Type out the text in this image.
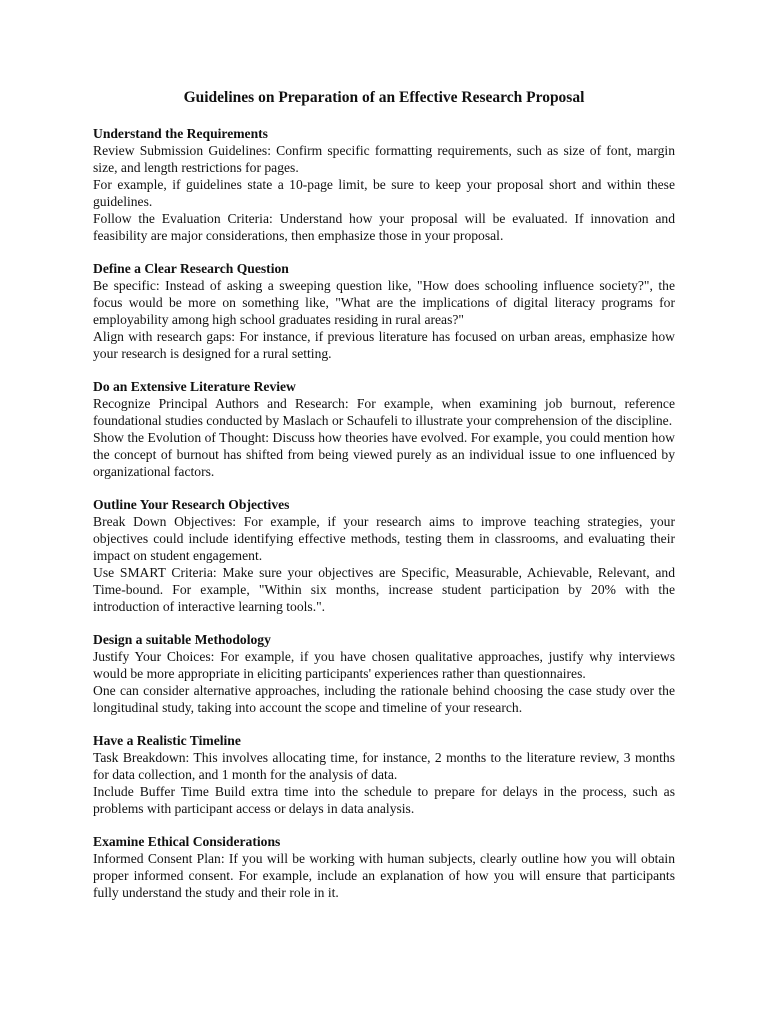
Guidelines on Preparation of an Effective Research Proposal
Understand the Requirements

Review Submission Guidelines: Confirm specific formatting requirements, such as size of font, margin size, and length restrictions for pages.

For example, if guidelines state a 10-page limit, be sure to keep your proposal short and within these guidelines.

Follow the Evaluation Criteria: Understand how your proposal will be evaluated. If innovation and feasibility are major considerations, then emphasize those in your proposal.

Define a Clear Research Question

Be specific: Instead of asking a sweeping question like, "How does schooling influence society?", the focus would be more on something like, "What are the implications of digital literacy programs for employability among high school graduates residing in rural areas?"

Align with research gaps: For instance, if previous literature has focused on urban areas, emphasize how your research is designed for a rural setting.

Do an Extensive Literature Review

Recognize Principal Authors and Research: For example, when examining job burnout, reference foundational studies conducted by Maslach or Schaufeli to illustrate your comprehension of the discipline.

Show the Evolution of Thought: Discuss how theories have evolved. For example, you could mention how the concept of burnout has shifted from being viewed purely as an individual issue to one influenced by organizational factors.

Outline Your Research Objectives

Break Down Objectives: For example, if your research aims to improve teaching strategies, your objectives could include identifying effective methods, testing them in classrooms, and evaluating their impact on student engagement.

Use SMART Criteria: Make sure your objectives are Specific, Measurable, Achievable, Relevant, and Time-bound. For example, "Within six months, increase student participation by 20% with the introduction of interactive learning tools.".

Design a suitable Methodology

Justify Your Choices: For example, if you have chosen qualitative approaches, justify why interviews would be more appropriate in eliciting participants' experiences rather than questionnaires.

One can consider alternative approaches, including the rationale behind choosing the case study over the longitudinal study, taking into account the scope and timeline of your research.

Have a Realistic Timeline

Task Breakdown: This involves allocating time, for instance, 2 months to the literature review, 3 months for data collection, and 1 month for the analysis of data.

Include Buffer Time Build extra time into the schedule to prepare for delays in the process, such as problems with participant access or delays in data analysis.

Examine Ethical Considerations

Informed Consent Plan: If you will be working with human subjects, clearly outline how you will obtain proper informed consent. For example, include an explanation of how you will ensure that participants fully understand the study and their role in it.
